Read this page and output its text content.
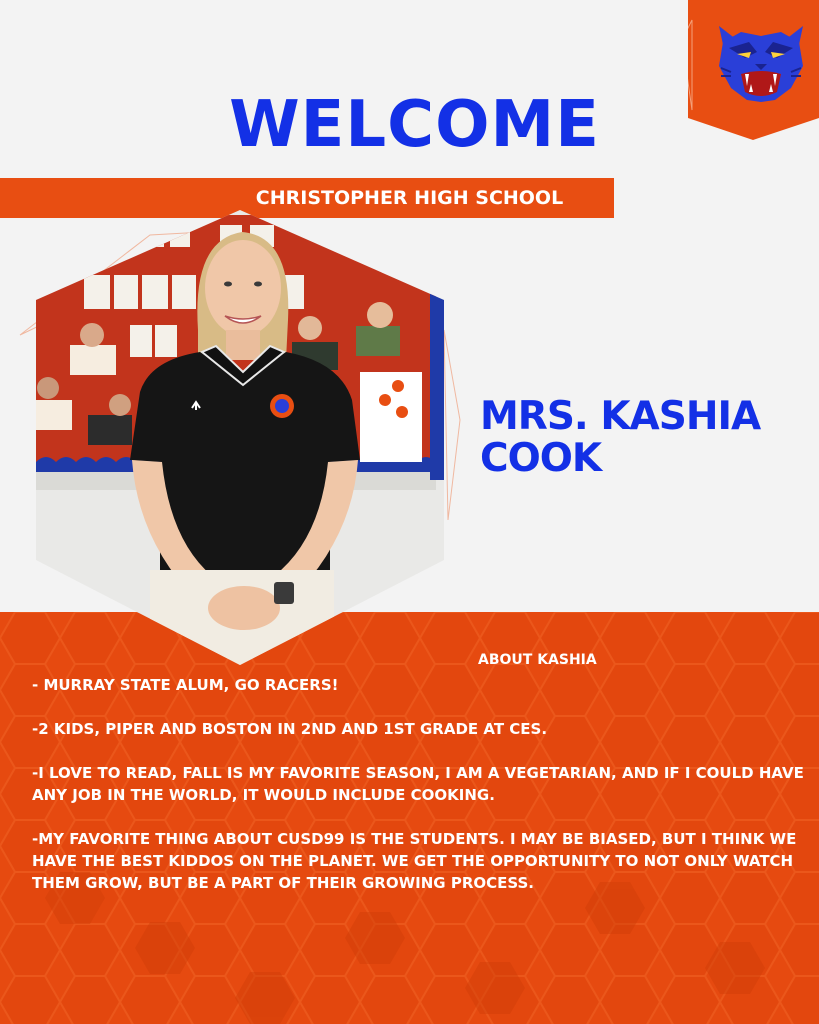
WELCOME
CHRISTOPHER HIGH SCHOOL
MRS. KASHIA
COOK
ABOUT KASHIA

- MURRAY STATE ALUM, GO RACERS!

-2 KIDS, PIPER AND BOSTON IN 2ND AND 1ST GRADE AT CES.

-I LOVE TO READ, FALL IS MY FAVORITE SEASON, I AM A VEGETARIAN, AND IF I COULD HAVE ANY JOB IN THE WORLD, IT WOULD INCLUDE COOKING.

-MY FAVORITE THING ABOUT CUSD99 IS THE STUDENTS. I MAY BE BIASED, BUT I THINK WE HAVE THE BEST KIDDOS ON THE PLANET. WE GET THE OPPORTUNITY TO NOT ONLY WATCH THEM GROW, BUT BE A PART OF THEIR GROWING PROCESS.
